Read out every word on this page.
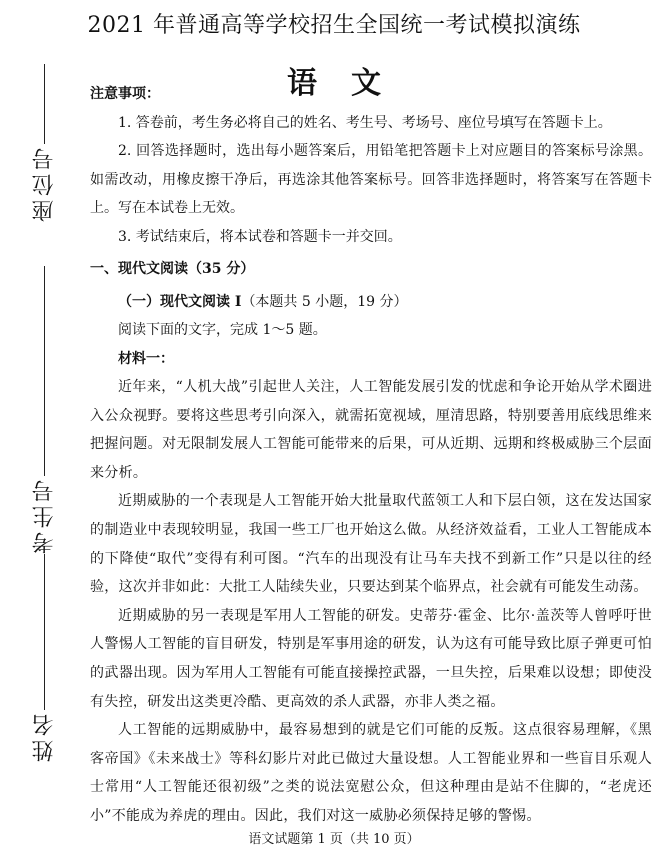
2021 年普通高等学校招生全国统一考试模拟演练
语文
座位号
考生号
姓名
注意事项：

1. 答卷前，考生务必将自己的姓名、考生号、考场号、座位号填写在答题卡上。

2. 回答选择题时，选出每小题答案后，用铅笔把答题卡上对应题目的答案标号涂黑。如需改动，用橡皮擦干净后，再选涂其他答案标号。回答非选择题时，将答案写在答题卡上。写在本试卷上无效。

3. 考试结束后，将本试卷和答题卡一并交回。

一、现代文阅读（35 分）
（一）现代文阅读 I（本题共 5 小题，19 分）
阅读下面的文字，完成 1～5 题。
材料一：

近年来，“人机大战”引起世人关注，人工智能发展引发的忧虑和争论开始从学术圈进入公众视野。要将这些思考引向深入，就需拓宽视域，厘清思路，特别要善用底线思维来把握问题。对无限制发展人工智能可能带来的后果，可从近期、远期和终极威胁三个层面来分析。

近期威胁的一个表现是人工智能开始大批量取代蓝领工人和下层白领，这在发达国家的制造业中表现较明显，我国一些工厂也开始这么做。从经济效益看，工业人工智能成本的下降使“取代”变得有利可图。“汽车的出现没有让马车夫找不到新工作”只是以往的经验，这次并非如此：大批工人陆续失业，只要达到某个临界点，社会就有可能发生动荡。

近期威胁的另一表现是军用人工智能的研发。史蒂芬·霍金、比尔·盖茨等人曾呼吁世人警惕人工智能的盲目研发，特别是军事用途的研发，认为这有可能导致比原子弹更可怕的武器出现。因为军用人工智能有可能直接操控武器，一旦失控，后果难以设想；即使没有失控，研发出这类更冷酷、更高效的杀人武器，亦非人类之福。

人工智能的远期威胁中，最容易想到的就是它们可能的反叛。这点很容易理解，《黑客帝国》《未来战士》等科幻影片对此已做过大量设想。人工智能业界和一些盲目乐观人士常用“人工智能还很初级”之类的说法宽慰公众，但这种理由是站不住脚的，“老虎还小”不能成为养虎的理由。因此，我们对这一威胁必须保持足够的警惕。

语文试题第 1 页（共 10 页）
